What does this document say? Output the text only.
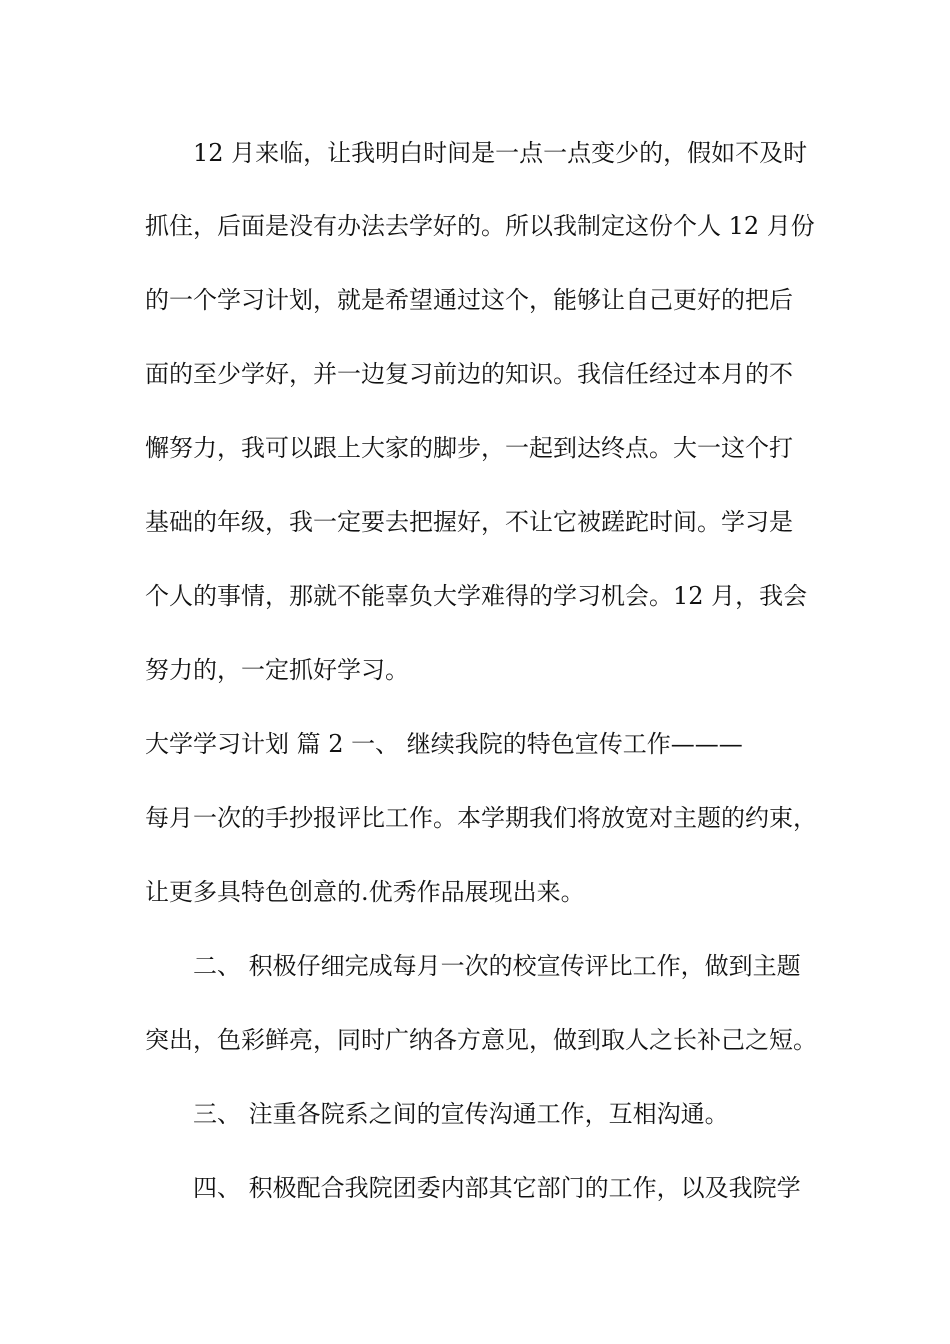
12 月来临，让我明白时间是一点一点变少的，假如不及时
抓住，后面是没有办法去学好的。所以我制定这份个人 12 月份
的一个学习计划，就是希望通过这个，能够让自己更好的把后
面的至少学好，并一边复习前边的知识。我信任经过本月的不
懈努力，我可以跟上大家的脚步，一起到达终点。大一这个打
基础的年级，我一定要去把握好，不让它被蹉跎时间。学习是
个人的事情，那就不能辜负大学难得的学习机会。12 月，我会
努力的，一定抓好学习。
大学学习计划 篇 2 一、 继续我院的特色宣传工作———
每月一次的手抄报评比工作。本学期我们将放宽对主题的约束，
让更多具特色创意的.优秀作品展现出来。
二、 积极仔细完成每月一次的校宣传评比工作，做到主题
突出，色彩鲜亮，同时广纳各方意见，做到取人之长补己之短。
三、 注重各院系之间的宣传沟通工作，互相沟通。
四、 积极配合我院团委内部其它部门的工作，以及我院学
